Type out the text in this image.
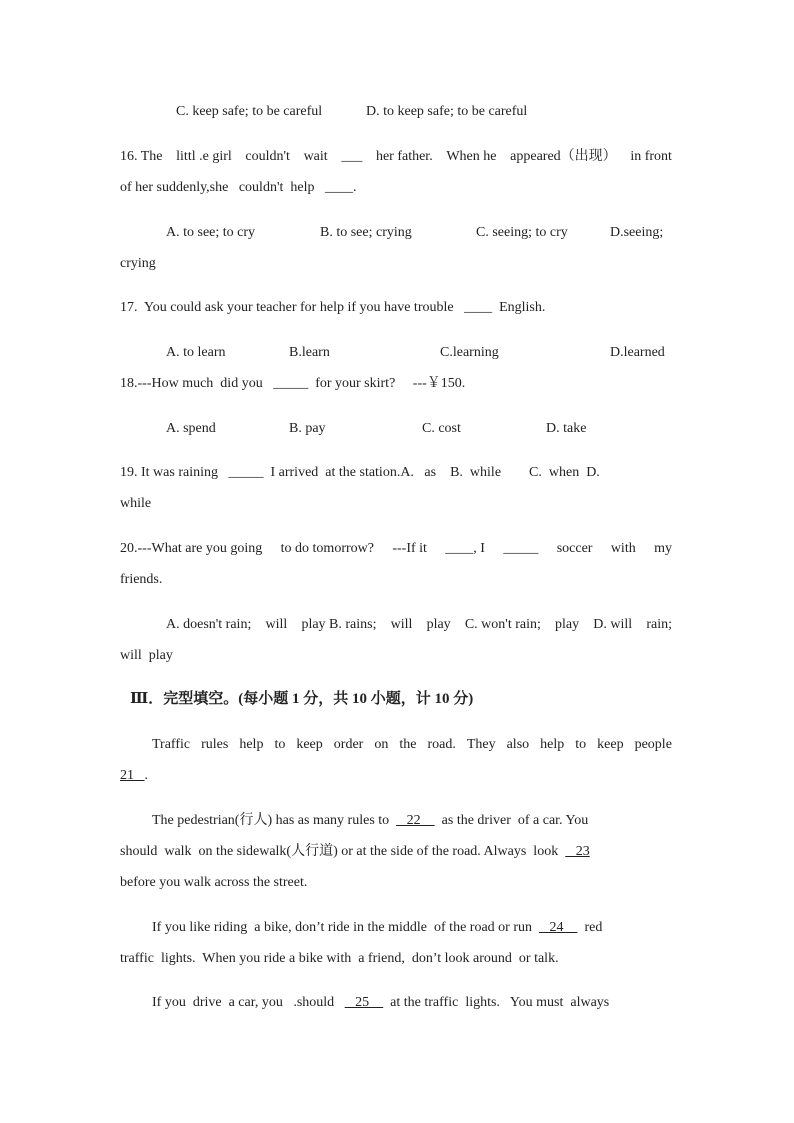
C. keep safe; to be careful	D. to keep safe; to be careful
16. The littl .e girl couldn't wait ___ her father. When he appeared（出现） in front
of her suddenly,she   couldn't  help   ____.
A. to see; to cry	B. to see; crying	C. seeing; to cry	D.seeing;
crying
17.  You could ask your teacher for help if you have trouble   ____  English.
A. to learn	B.learn	C.learning	D.learned
18.---How much  did you   _____  for your skirt?     ---￥150.
A. spend	B. pay	C. cost	D. take
19. It was raining   _____  I arrived  at the station.A.   as    B.  while        C.  when  D.
while
20.---What are you going to do tomorrow? ---If it ____, I _____ soccer with my
friends.
A. doesn't rain; will play B. rains; will play C. won't rain; play D. will rain;
will  play
Ⅲ．完型填空。(每小题 1 分，共 10 小题，计 10 分)
Traffic rules help to keep order on the road. They also help to keep people
21   .
The pedestrian(行人) has as many rules to     22      as the driver  of a car. You
should  walk  on the sidewalk(人行道) or at the side of the road. Always  look     23
before you walk across the street.
If you like riding  a bike, don’t ride in the middle  of the road or run     24      red
traffic  lights.  When you ride a bike with  a friend,  don’t look around  or talk.
If you  drive  a car, you   .should      25      at the traffic  lights.   You must  always
